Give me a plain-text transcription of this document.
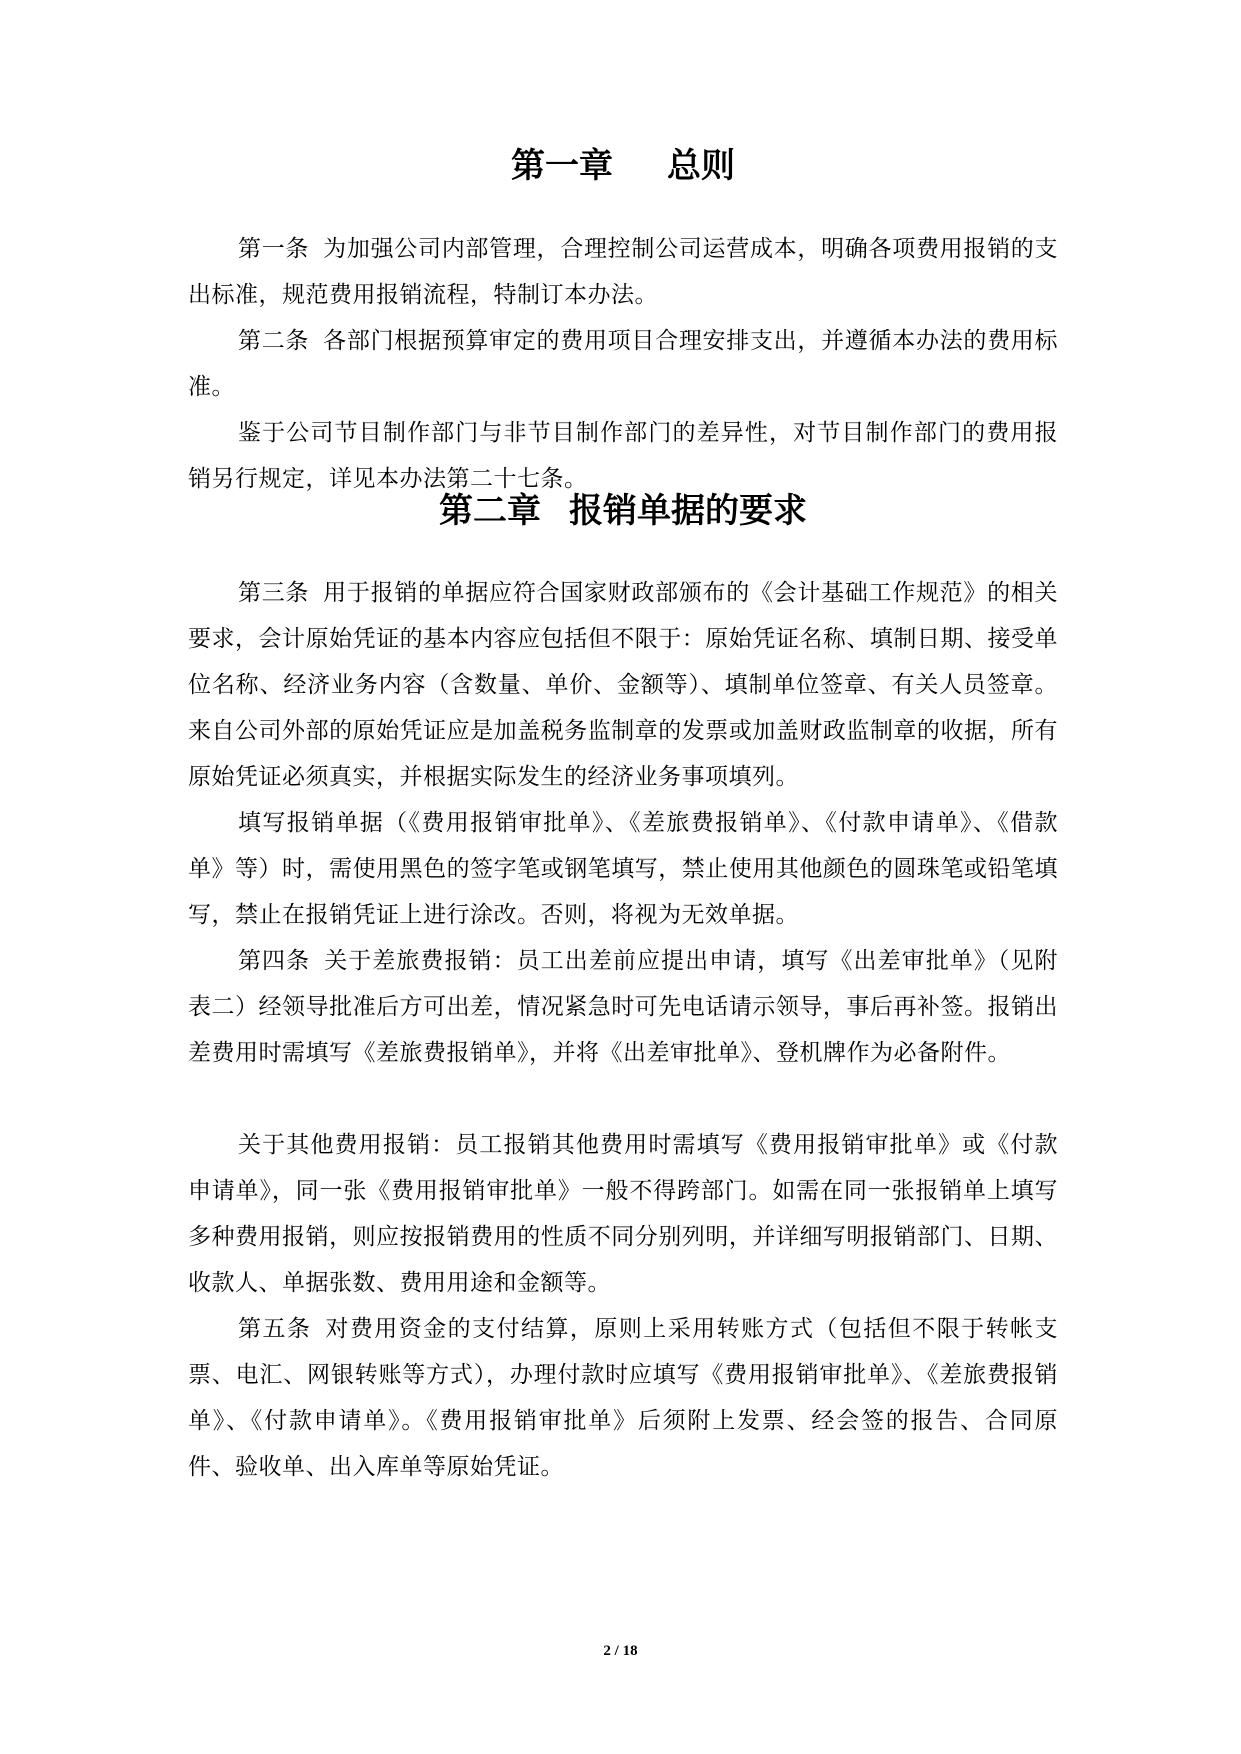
第一章 总则

第一条 为加强公司内部管理，合理控制公司运营成本，明确各项费用报销的支出标准，规范费用报销流程，特制订本办法。

第二条 各部门根据预算审定的费用项目合理安排支出，并遵循本办法的费用标准。

鉴于公司节目制作部门与非节目制作部门的差异性，对节目制作部门的费用报销另行规定，详见本办法第二十七条。

第二章 报销单据的要求

第三条 用于报销的单据应符合国家财政部颁布的《会计基础工作规范》的相关要求，会计原始凭证的基本内容应包括但不限于：原始凭证名称、填制日期、接受单位名称、经济业务内容（含数量、单价、金额等）、填制单位签章、有关人员签章。来自公司外部的原始凭证应是加盖税务监制章的发票或加盖财政监制章的收据，所有原始凭证必须真实，并根据实际发生的经济业务事项填列。

填写报销单据（《费用报销审批单》、《差旅费报销单》、《付款申请单》、《借款单》等）时，需使用黑色的签字笔或钢笔填写，禁止使用其他颜色的圆珠笔或铅笔填写，禁止在报销凭证上进行涂改。否则，将视为无效单据。

第四条 关于差旅费报销：员工出差前应提出申请，填写《出差审批单》（见附表二）经领导批准后方可出差，情况紧急时可先电话请示领导，事后再补签。报销出差费用时需填写《差旅费报销单》，并将《出差审批单》、登机牌作为必备附件。

关于其他费用报销：员工报销其他费用时需填写《费用报销审批单》或《付款申请单》，同一张《费用报销审批单》一般不得跨部门。如需在同一张报销单上填写多种费用报销，则应按报销费用的性质不同分别列明，并详细写明报销部门、日期、收款人、单据张数、费用用途和金额等。

第五条 对费用资金的支付结算，原则上采用转账方式（包括但不限于转帐支票、电汇、网银转账等方式），办理付款时应填写《费用报销审批单》、《差旅费报销单》、《付款申请单》。《费用报销审批单》后须附上发票、经会签的报告、合同原件、验收单、出入库单等原始凭证。

2 / 18
